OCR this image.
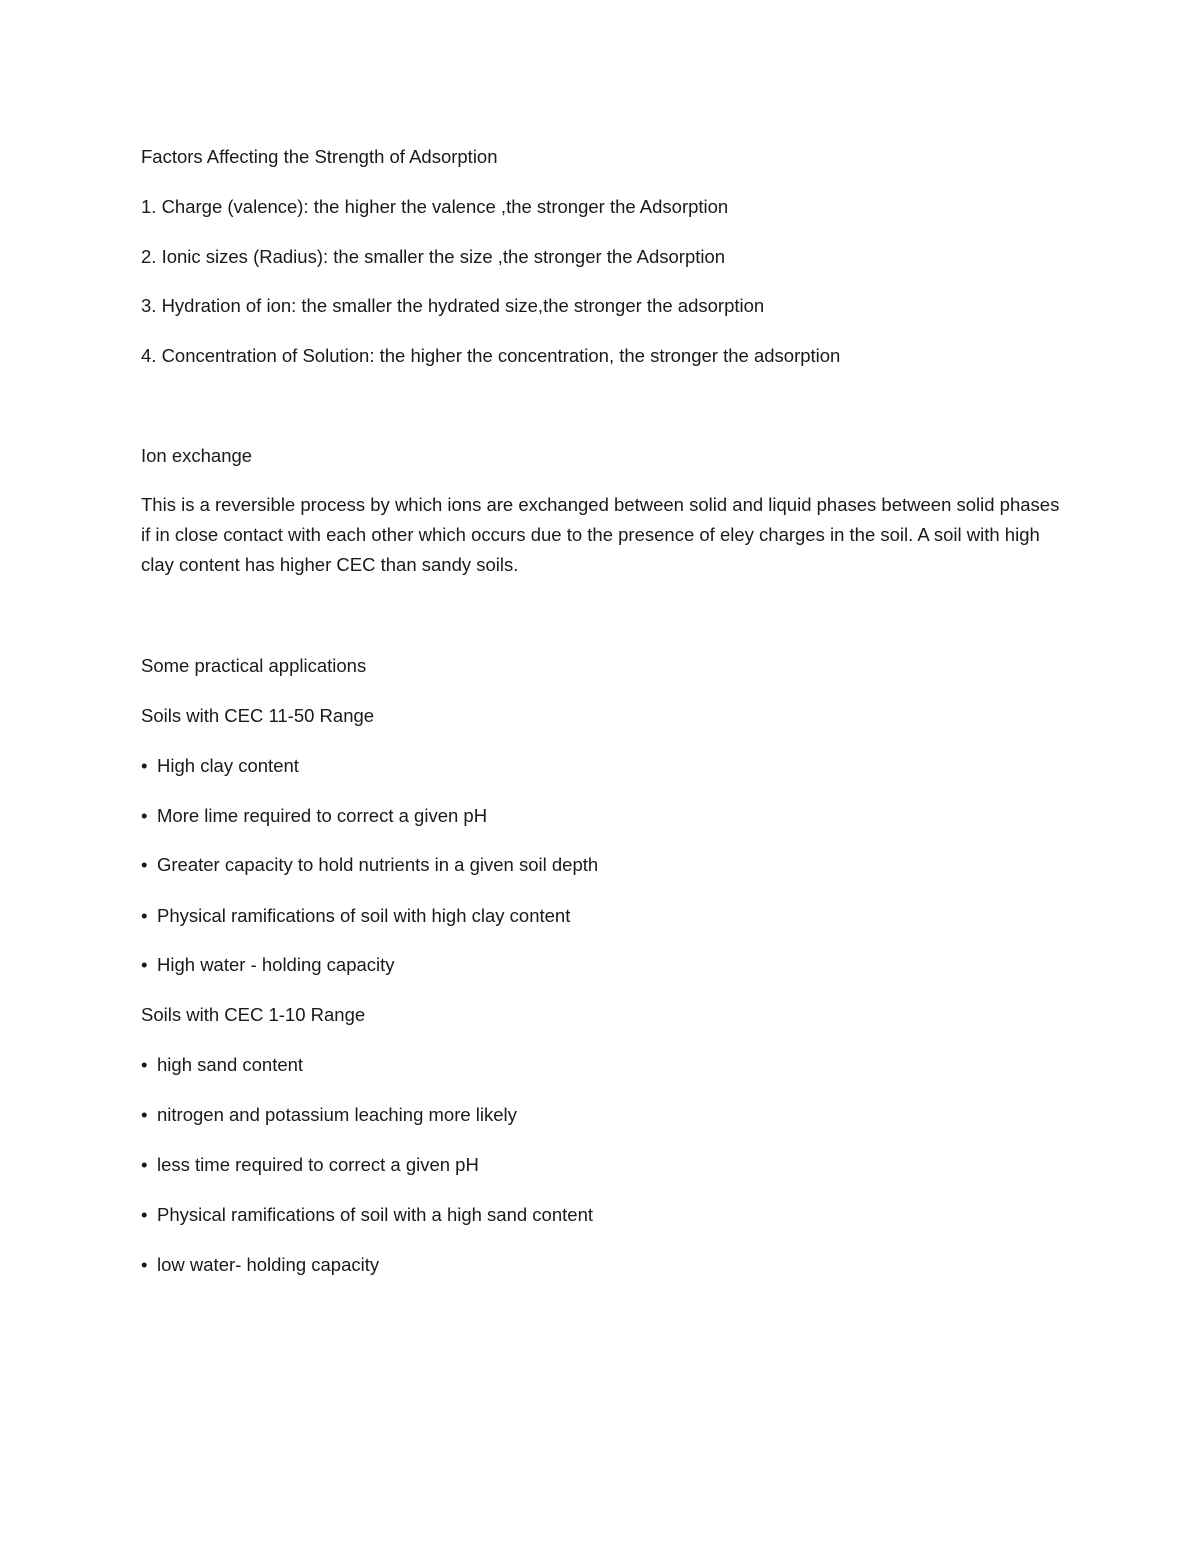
Factors Affecting the Strength of Adsorption

1. Charge (valence): the higher the valence ,the stronger the Adsorption

2. Ionic sizes (Radius): the smaller the size ,the stronger the Adsorption

3. Hydration of ion: the smaller the hydrated size,the stronger the adsorption

4. Concentration of Solution: the higher the concentration, the stronger the adsorption

Ion exchange

This is a reversible process by which ions are exchanged between solid and liquid phases between solid phases if in close contact with each other which occurs due to the presence of eley charges in the soil. A soil with high clay content has higher CEC than sandy soils.

Some practical applications

Soils with CEC 11-50 Range

• High clay content

• More lime required to correct a given pH

• Greater capacity to hold nutrients in a given soil depth

• Physical ramifications of soil with high clay content

• High water - holding capacity

Soils with CEC 1-10 Range

• high sand content

• nitrogen and potassium leaching more likely

• less time required to correct a given pH

• Physical ramifications of soil with a high sand content

• low water- holding capacity
